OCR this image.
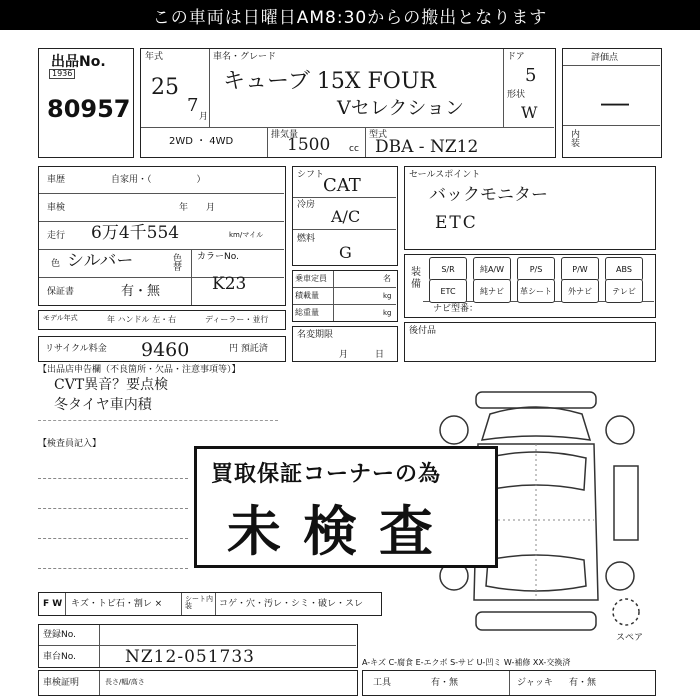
この車両は日曜日AM8:30からの搬出となります
出品No.
1936
80957
年式
25
7
月
車名・グレード
キューブ 15X FOUR
Vセレクション
ドア
5
形状
W
2WD ・ 4WD
排気量
1500 cc
型式
DBA - NZ12
評価点
―
内装
車歴	自家用・（　　　　　）
車検	年　　月
走行 6万4千554	km/マイル
色 シルバー	色替
カラーNo.
保証書	有・無	K23
モデル年式	年 ハンドル 左・右	ディーラー・並行
リサイクル料金 9460	円 預託済
シフト
CAT
冷房
A/C
燃料
G
乗車定員	名
積載量	kg
総重量	kg
名変期限
月　　　日
セールスポイント
バックモニター
ETC
装備
ナビ型番：
S/R	純A/W	P/S	P/W	ABS
ETC	純ナビ	革シート	外ナビ	テレビ
後付品
【出品店申告欄（不良箇所・欠品・注意事項等）】
CVT異音？要点検
冬タイヤ車内積
【検査員記入】
スペア
買取保証コーナーの為
未検査
F W キズ・トビ石・割レ ×	シート内装	コゲ・穴・汚レ・シミ・破レ・スレ
登録No.
車台No.	NZ12-051733
車検証明	長さ/幅/高さ
A-キズ C-腐食 E-エクボ S-サビ U-凹ミ W-補修 XX-交換済
工具	有・無	ジャッキ 有・無
